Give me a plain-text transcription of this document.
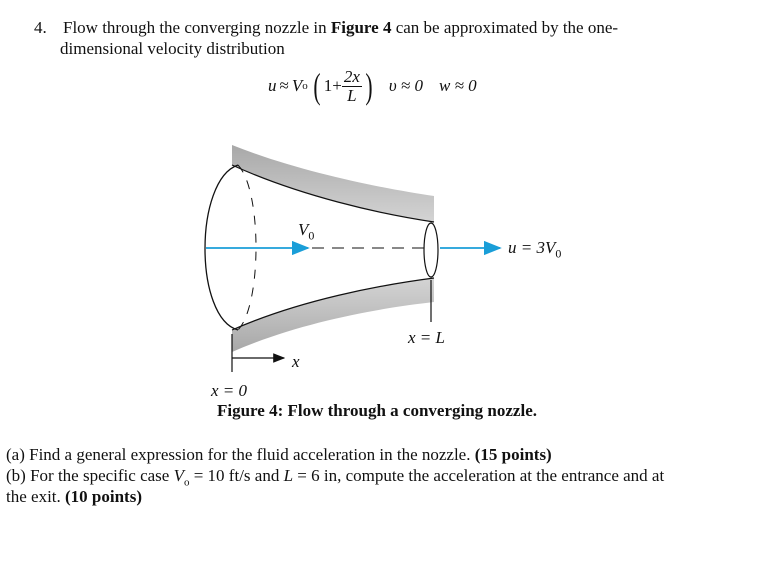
4. Flow through the converging nozzle in Figure 4 can be approximated by the one-
dimensional velocity distribution
u ≈ V o ( $1+ \frac{2x}{L}$ ) υ ≈ 0 w ≈ 0
$V_0$
$u = 3V_0$
x
x = L
x = 0
Figure 4: Flow through a converging nozzle.
(a) Find a general expression for the fluid acceleration in the nozzle. (15 points)
(b) For the specific case $V_o = 10$ ft/s and L = 6 in, compute the acceleration at the entrance and at
the exit. (10 points)
